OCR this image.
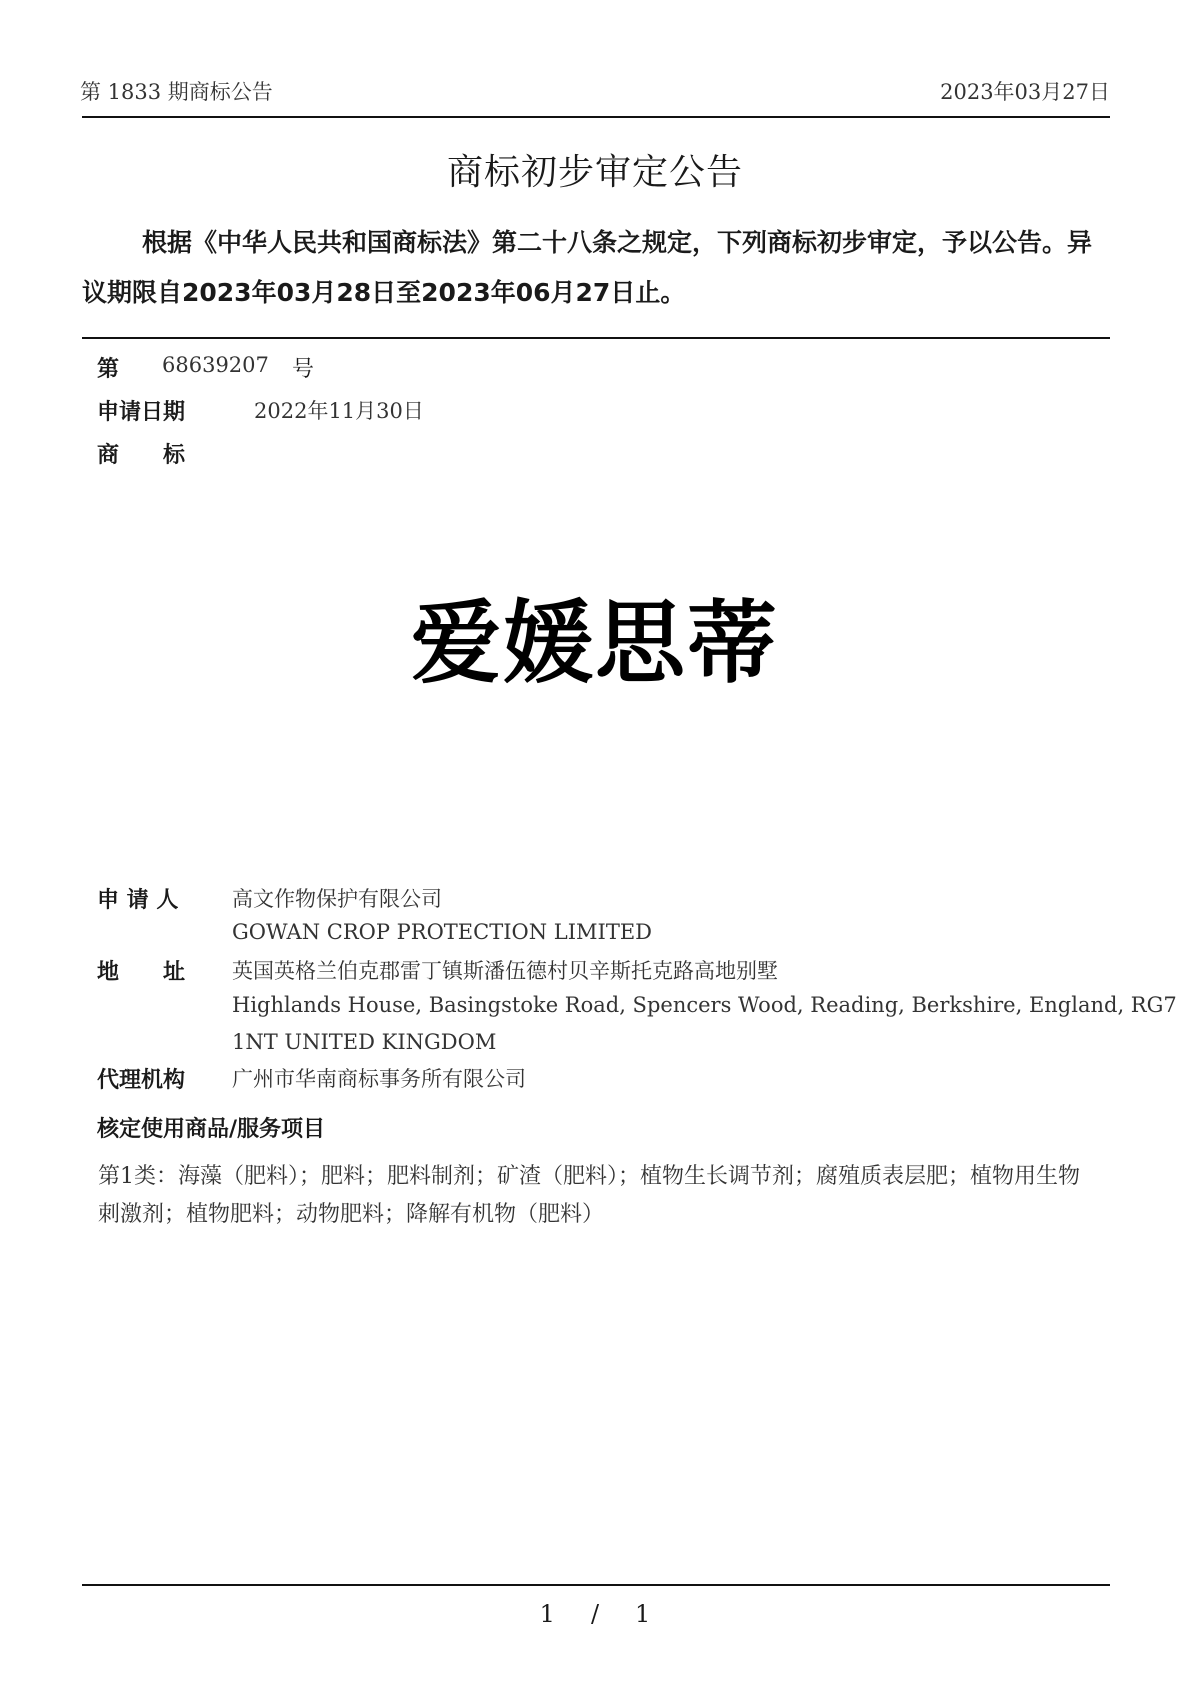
第 1833 期商标公告	2023年03月27日
商标初步审定公告
根据《中华人民共和国商标法》第二十八条之规定，下列商标初步审定，予以公告。异议期限自2023年03月28日至2023年06月27日止。
第 68639207 号
申请日期	2022年11月30日
商　　标
爱媛思蒂
申 请 人	高文作物保护有限公司
GOWAN CROP PROTECTION LIMITED
地　　址 英国英格兰伯克郡雷丁镇斯潘伍德村贝辛斯托克路高地别墅
Highlands House, Basingstoke Road, Spencers Wood, Reading, Berkshire, England, RG7
1NT UNITED KINGDOM
代理机构 广州市华南商标事务所有限公司
核定使用商品/服务项目
第1类：海藻（肥料）；肥料；肥料制剂；矿渣（肥料）；植物生长调节剂；腐殖质表层肥；植物用生物刺激剂；植物肥料；动物肥料；降解有机物（肥料）
1 / 1
